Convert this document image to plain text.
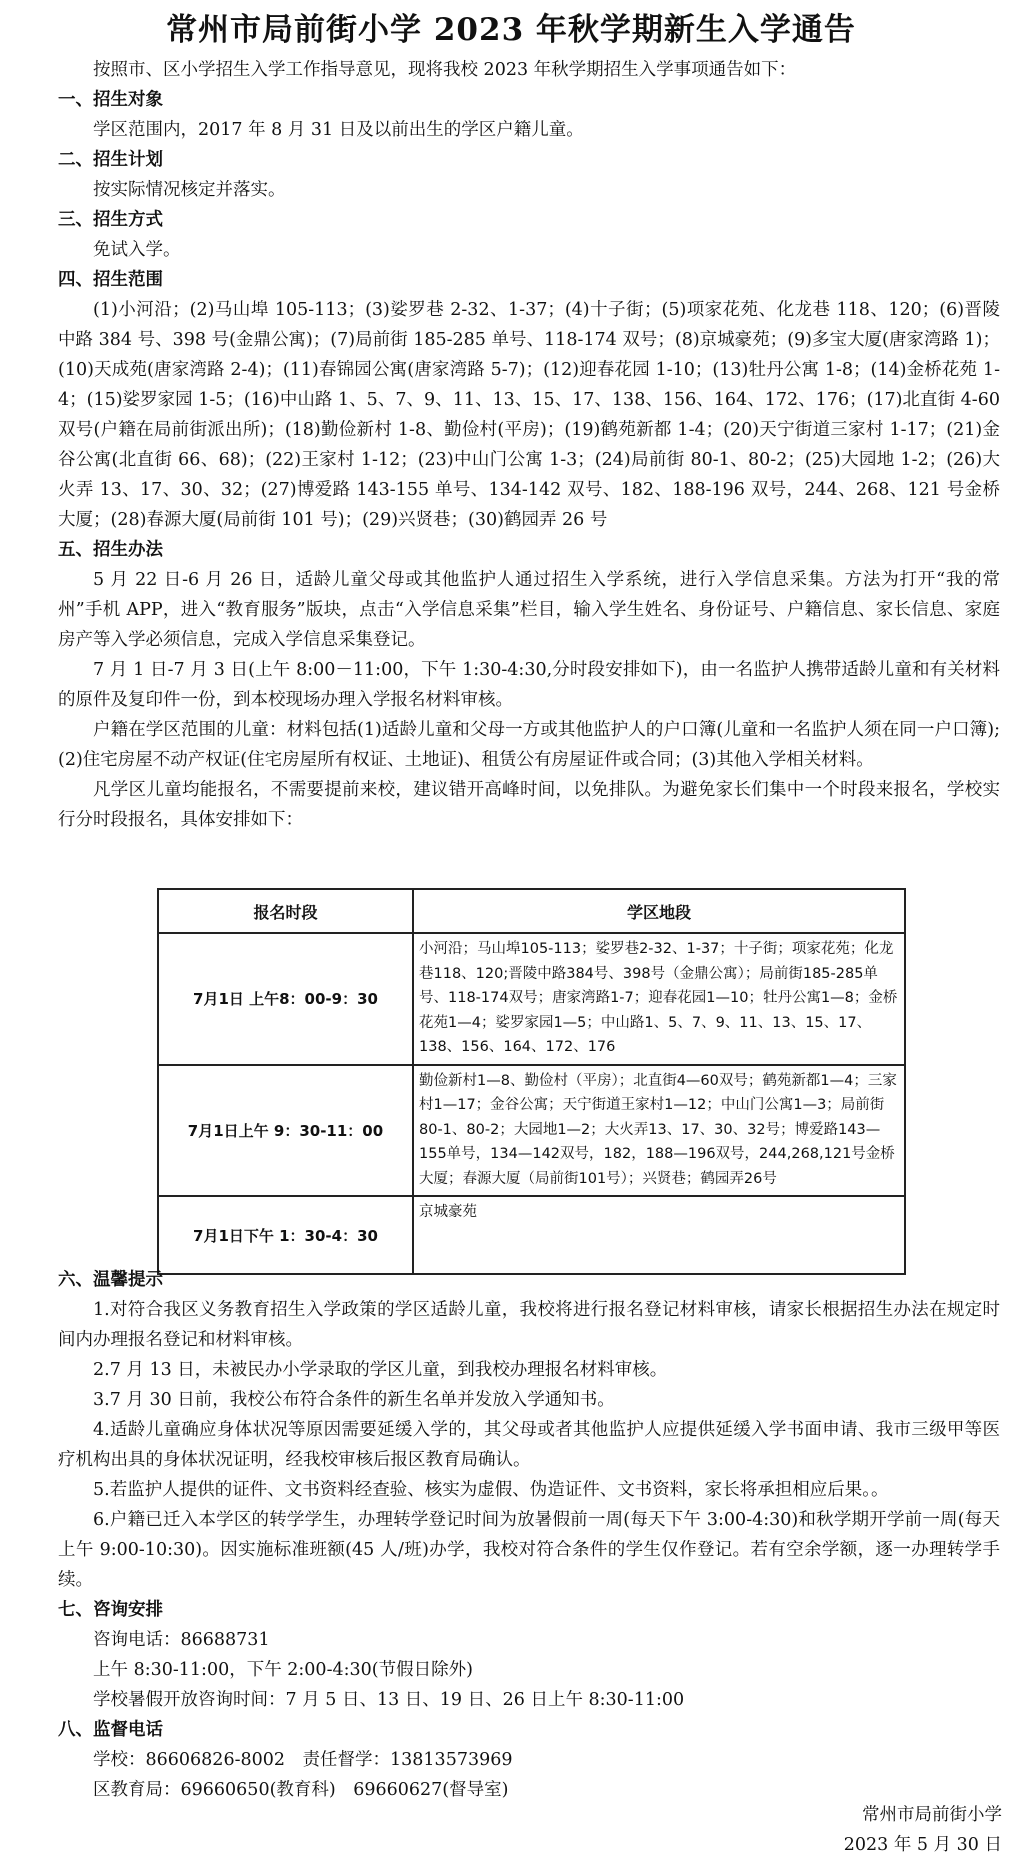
常州市局前街小学 2023 年秋学期新生入学通告

按照市、区小学招生入学工作指导意见，现将我校 2023 年秋学期招生入学事项通告如下：

一、招生对象

学区范围内，2017 年 8 月 31 日及以前出生的学区户籍儿童。

二、招生计划

按实际情况核定并落实。

三、招生方式

免试入学。

四、招生范围

(1)小河沿；(2)马山埠 105-113；(3)娑罗巷 2-32、1-37；(4)十子街；(5)项家花苑、化龙巷 118、120；(6)晋陵中路 384 号、398 号(金鼎公寓)；(7)局前街 185-285 单号、118-174 双号；(8)京城豪苑；(9)多宝大厦(唐家湾路 1)；(10)天成苑(唐家湾路 2-4)；(11)春锦园公寓(唐家湾路 5-7)；(12)迎春花园 1-10；(13)牡丹公寓 1-8；(14)金桥花苑 1-4；(15)娑罗家园 1-5；(16)中山路 1、5、7、9、11、13、15、17、138、156、164、172、176；(17)北直街 4-60 双号(户籍在局前街派出所)；(18)勤俭新村 1-8、勤俭村(平房)；(19)鹤苑新都 1-4；(20)天宁街道三家村 1-17；(21)金谷公寓(北直街 66、68)；(22)王家村 1-12；(23)中山门公寓 1-3；(24)局前街 80-1、80-2；(25)大园地 1-2；(26)大火弄 13、17、30、32；(27)博爱路 143-155 单号、134-142 双号、182、188-196 双号，244、268、121 号金桥大厦；(28)春源大厦(局前街 101 号)；(29)兴贤巷；(30)鹤园弄 26 号

五、招生办法

5 月 22 日-6 月 26 日，适龄儿童父母或其他监护人通过招生入学系统，进行入学信息采集。方法为打开“我的常州”手机 APP，进入“教育服务”版块，点击“入学信息采集”栏目，输入学生姓名、身份证号、户籍信息、家长信息、家庭房产等入学必须信息，完成入学信息采集登记。

7 月 1 日-7 月 3 日(上午 8:00－11:00，下午 1:30-4:30,分时段安排如下)，由一名监护人携带适龄儿童和有关材料的原件及复印件一份，到本校现场办理入学报名材料审核。

户籍在学区范围的儿童：材料包括(1)适龄儿童和父母一方或其他监护人的户口簿(儿童和一名监护人须在同一户口簿);(2)住宅房屋不动产权证(住宅房屋所有权证、土地证)、租赁公有房屋证件或合同；(3)其他入学相关材料。

凡学区儿童均能报名，不需要提前来校，建议错开高峰时间，以免排队。为避免家长们集中一个时段来报名，学校实行分时段报名，具体安排如下：

报名时段	学区地段
7月1日 上午8：00-9：30	小河沿；马山埠105-113；娑罗巷2-32、1-37；十子街；项家花苑；化龙巷118、120;晋陵中路384号、398号（金鼎公寓）；局前街185-285单号、118-174双号；唐家湾路1-7；迎春花园1—10；牡丹公寓1—8；金桥花苑1—4；娑罗家园1—5；中山路1、5、7、9、11、13、15、17、138、156、164、172、176
7月1日上午 9：30-11：00	勤俭新村1—8、勤俭村（平房）；北直街4—60双号；鹤苑新都1—4；三家村1—17；金谷公寓；天宁街道王家村1—12；中山门公寓1—3；局前街80-1、80-2；大园地1—2；大火弄13、17、30、32号；博爱路143—155单号，134—142双号，182，188—196双号，244,268,121号金桥大厦；春源大厦（局前街101号）；兴贤巷；鹤园弄26号
7月1日下午 1：30-4：30	京城豪苑

六、温馨提示

1.对符合我区义务教育招生入学政策的学区适龄儿童，我校将进行报名登记材料审核，请家长根据招生办法在规定时间内办理报名登记和材料审核。

2.7 月 13 日，未被民办小学录取的学区儿童，到我校办理报名材料审核。

3.7 月 30 日前，我校公布符合条件的新生名单并发放入学通知书。

4.适龄儿童确应身体状况等原因需要延缓入学的，其父母或者其他监护人应提供延缓入学书面申请、我市三级甲等医疗机构出具的身体状况证明，经我校审核后报区教育局确认。

5.若监护人提供的证件、文书资料经查验、核实为虚假、伪造证件、文书资料，家长将承担相应后果。。

6.户籍已迁入本学区的转学学生，办理转学登记时间为放暑假前一周(每天下午 3:00-4:30)和秋学期开学前一周(每天上午 9:00-10:30)。因实施标准班额(45 人/班)办学，我校对符合条件的学生仅作登记。若有空余学额，逐一办理转学手续。

七、咨询安排

咨询电话：86688731

上午 8:30-11:00，下午 2:00-4:30(节假日除外)

学校暑假开放咨询时间：7 月 5 日、13 日、19 日、26 日上午 8:30-11:00

八、监督电话

学校：86606826-8002　责任督学：13813573969

区教育局：69660650(教育科)　69660627(督导室)

常州市局前街小学
2023 年 5 月 30 日
